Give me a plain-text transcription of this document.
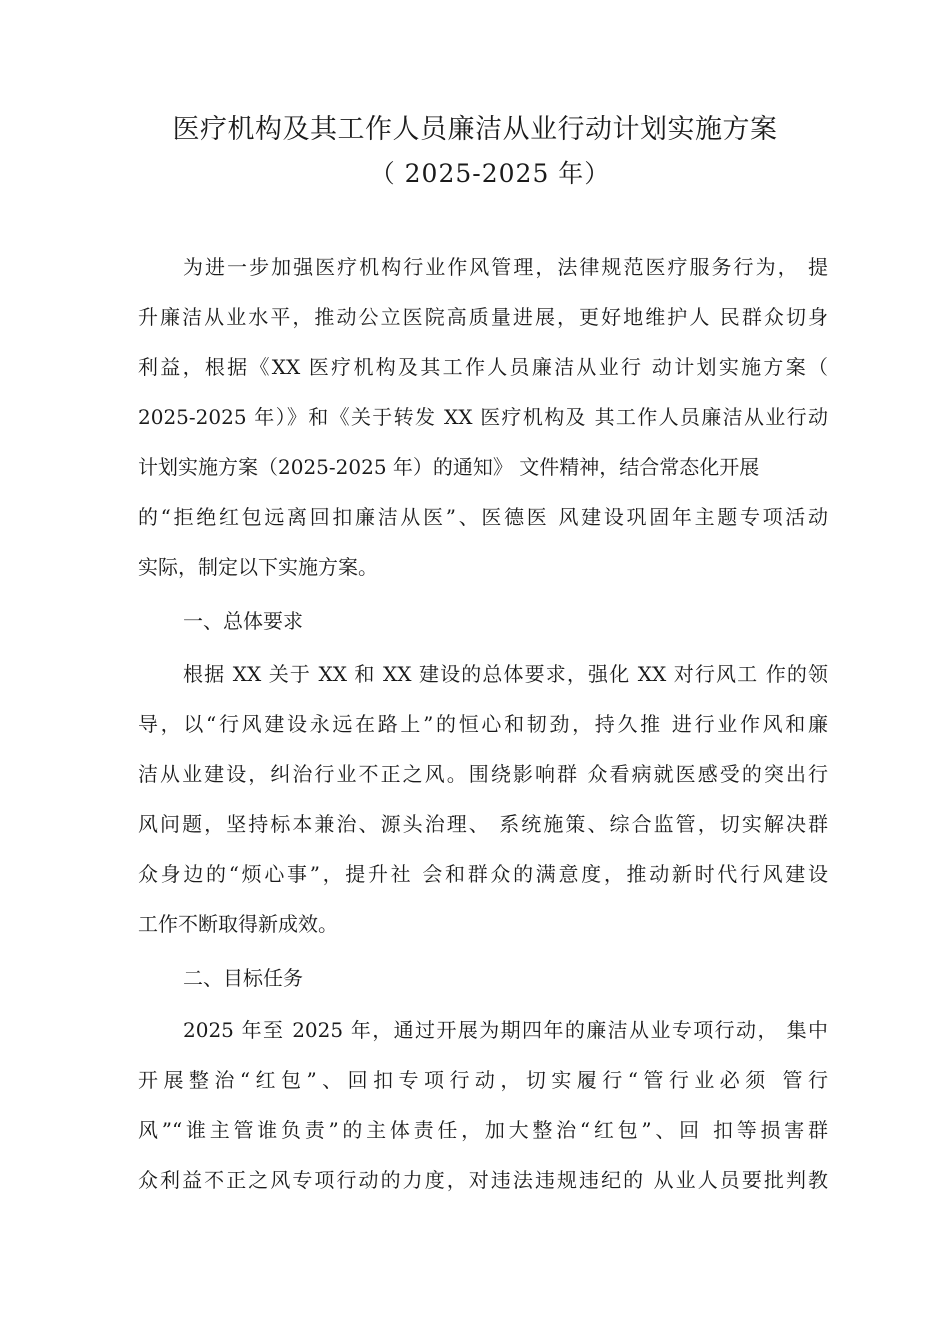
医疗机构及其工作人员廉洁从业行动计划实施方案
（ 2025-2025 年）
为进一步加强医疗机构行业作风管理，法律规范医疗服务行为， 提
升廉洁从业水平，推动公立医院高质量进展，更好地维护人 民群众切身
利益，根据《XX 医疗机构及其工作人员廉洁从业行 动计划实施方案（
2025-2025 年）》和《关于转发 XX 医疗机构及 其工作人员廉洁从业行动
计划实施方案（2025-2025 年）的通知》 文件精神，结合常态化开展
的“拒绝红包远离回扣廉洁从医”、医德医 风建设巩固年主题专项活动
实际，制定以下实施方案。
一、总体要求
根据 XX 关于 XX 和 XX 建设的总体要求，强化 XX 对行风工 作的领
导，以“行风建设永远在路上”的恒心和韧劲，持久推 进行业作风和廉
洁从业建设，纠治行业不正之风。围绕影响群 众看病就医感受的突出行
风问题，坚持标本兼治、源头治理、 系统施策、综合监管，切实解决群
众身边的“烦心事”，提升社 会和群众的满意度，推动新时代行风建设
工作不断取得新成效。
二、目标任务
2025 年至 2025 年，通过开展为期四年的廉洁从业专项行动， 集中
开展整治“红包”、回扣专项行动，切实履行“管行业必须 管行
风”“谁主管谁负责”的主体责任，加大整治“红包”、回 扣等损害群
众利益不正之风专项行动的力度，对违法违规违纪的 从业人员要批判教
